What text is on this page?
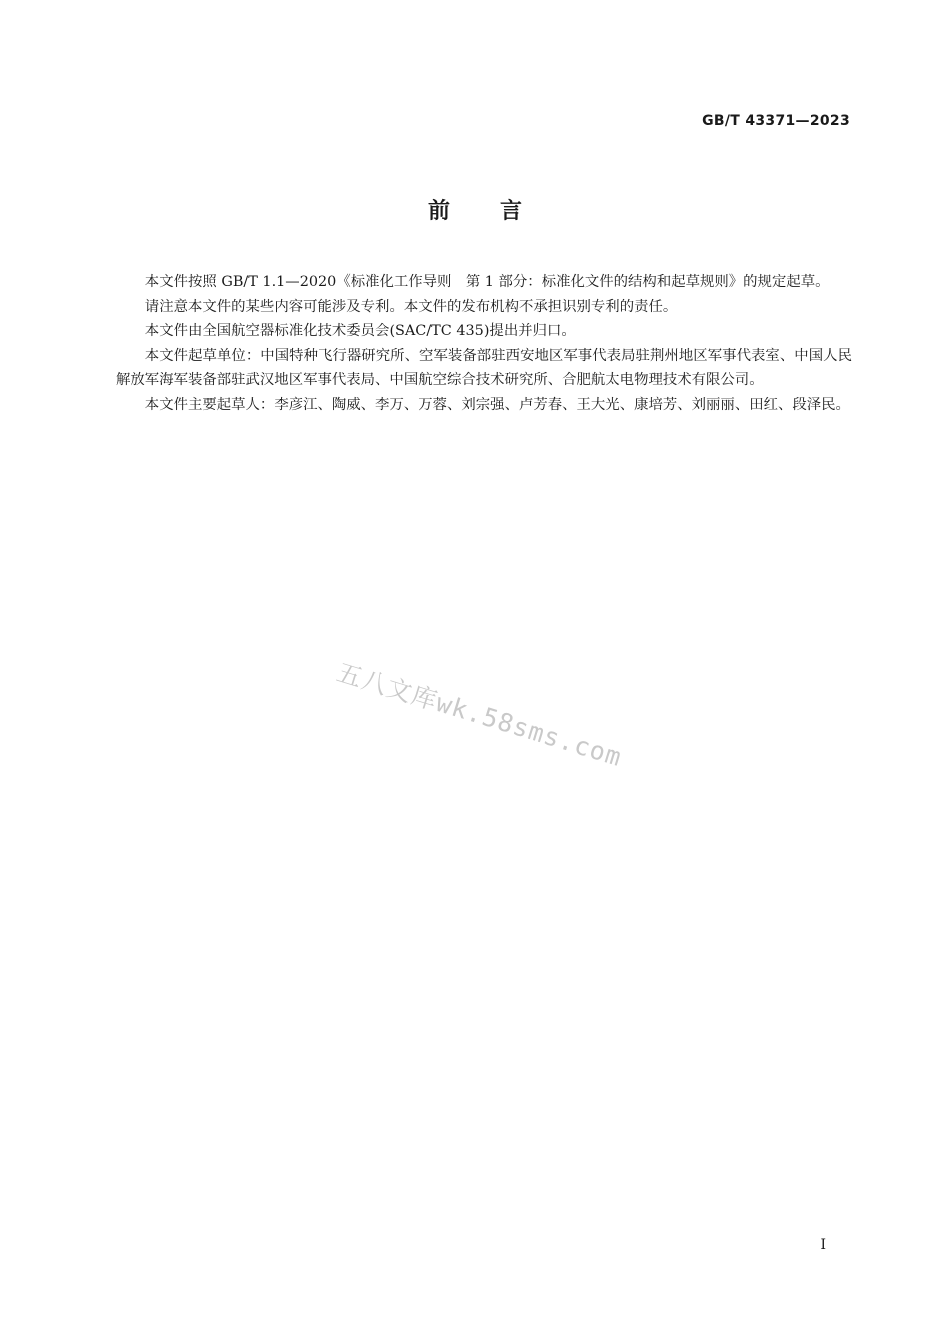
GB/T 43371—2023
前言

本文件按照 GB/T 1.1—2020《标准化工作导则　第 1 部分：标准化文件的结构和起草规则》的规定起草。

请注意本文件的某些内容可能涉及专利。本文件的发布机构不承担识别专利的责任。

本文件由全国航空器标准化技术委员会(SAC/TC 435)提出并归口。

本文件起草单位：中国特种飞行器研究所、空军装备部驻西安地区军事代表局驻荆州地区军事代表室、中国人民解放军海军装备部驻武汉地区军事代表局、中国航空综合技术研究所、合肥航太电物理技术有限公司。

本文件主要起草人：李彦江、陶威、李万、万蓉、刘宗强、卢芳春、王大光、康培芳、刘丽丽、田红、段泽民。

五八文库wk.58sms.com
I
